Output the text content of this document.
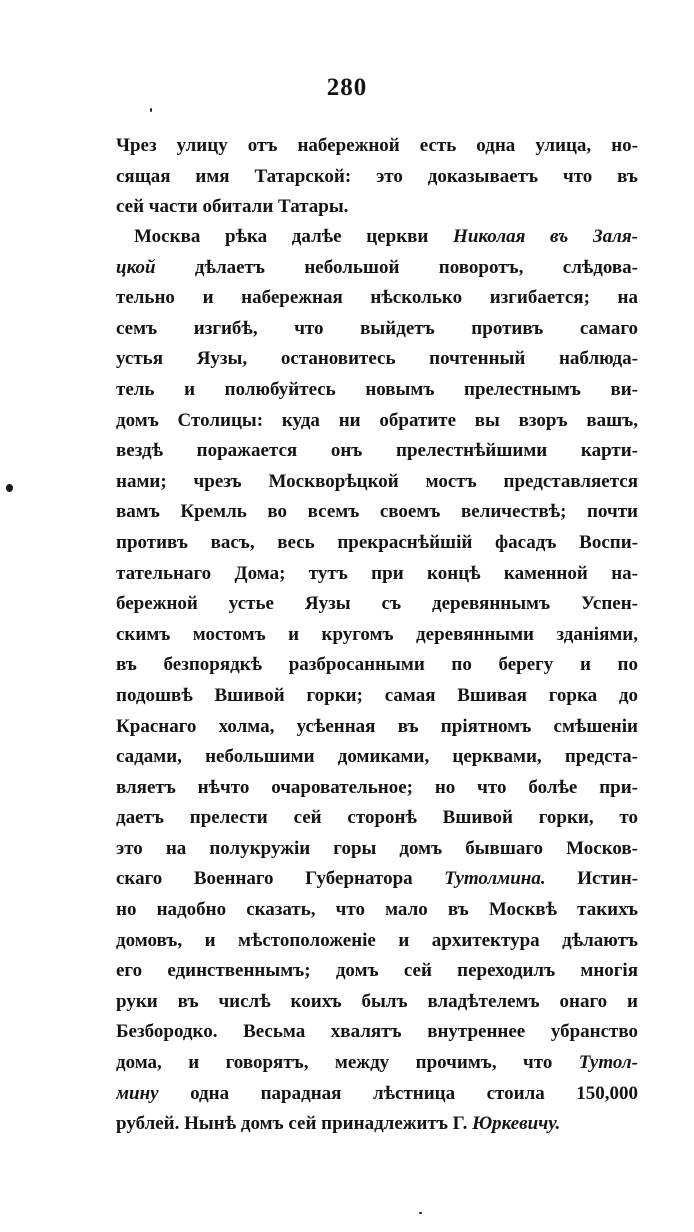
280
Чрез улицу отъ набережной есть одна улица, но-
сящая имя Татарской: это доказываетъ что въ
сей части обитали Татары.
Москва рѣка далѣе церкви Николая въ Заля-
цкой дѣлаетъ небольшой поворотъ, слѣдова-
тельно и набережная нѣсколько изгибается; на
семъ изгибѣ, что выйдетъ противъ самаго
устья Яузы, остановитесь почтенный наблюда-
тель и полюбуйтесь новымъ прелестнымъ ви-
домъ Столицы: куда ни обратите вы взоръ вашъ,
вездѣ поражается онъ прелестнѣйшими карти-
нами; чрезъ Москворѣцкой мостъ представляется
вамъ Кремль во всемъ своемъ величествѣ; почти
противъ васъ, весь прекраснѣйшій фасадъ Воспи-
тательнаго Дома; тутъ при концѣ каменной на-
бережной устье Яузы съ деревяннымъ Успен-
скимъ мостомъ и кругомъ деревянными зданіями,
въ безпорядкѣ разбросанными по берегу и по
подошвѣ Вшивой горки; самая Вшивая горка до
Краснаго холма, усѣенная въ пріятномъ смѣшеніи
садами, небольшими домиками, церквами, предста-
вляетъ нѣчто очаровательное; но что болѣе при-
даетъ прелести сей сторонѣ Вшивой горки, то
это на полукружіи горы домъ бывшаго Москов-
скаго Военнаго Губернатора Тутолмина. Истин-
но надобно сказать, что мало въ Москвѣ такихъ
домовъ, и мѣстоположеніе и архитектура дѣлаютъ
его единственнымъ; домъ сей переходилъ многія
руки въ числѣ коихъ былъ владѣтелемъ онаго и
Безбородко. Весьма хвалятъ внутреннее убранство
дома, и говорятъ, между прочимъ, что Тутол-
мину одна парадная лѣстница стоила 150,000
рублей. Нынѣ домъ сей принадлежитъ Г. Юркевичу.
